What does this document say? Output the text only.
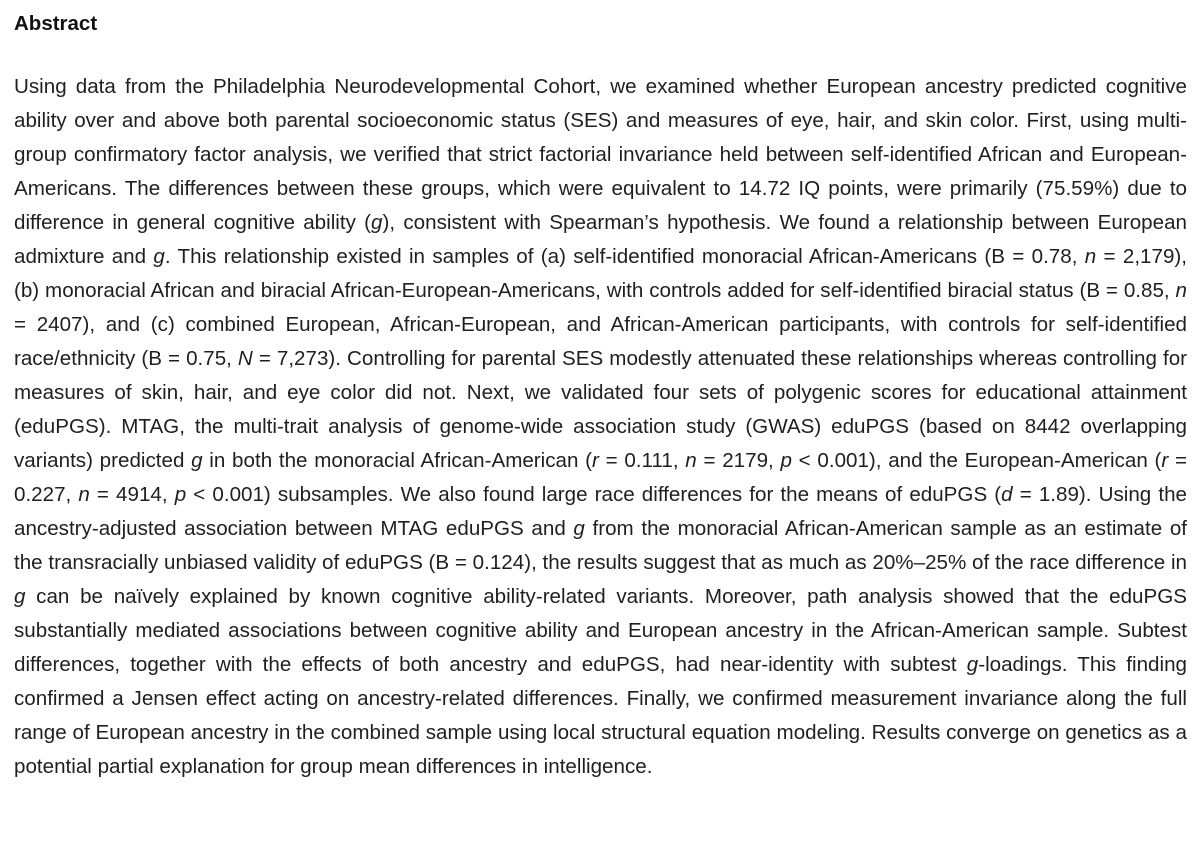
Abstract

Using data from the Philadelphia Neurodevelopmental Cohort, we examined whether European ancestry predicted cognitive ability over and above both parental socioeconomic status (SES) and measures of eye, hair, and skin color. First, using multi-group confirmatory factor analysis, we verified that strict factorial invariance held between self-identified African and European-Americans. The differences between these groups, which were equivalent to 14.72 IQ points, were primarily (75.59%) due to difference in general cognitive ability (g), consistent with Spearman’s hypothesis. We found a relationship between European admixture and g. This relationship existed in samples of (a) self-identified monoracial African-Americans (B = 0.78, n = 2,179), (b) monoracial African and biracial African-European-Americans, with controls added for self-identified biracial status (B = 0.85, n = 2407), and (c) combined European, African-European, and African-American participants, with controls for self-identified race/ethnicity (B = 0.75, N = 7,273). Controlling for parental SES modestly attenuated these relationships whereas controlling for measures of skin, hair, and eye color did not. Next, we validated four sets of polygenic scores for educational attainment (eduPGS). MTAG, the multi-trait analysis of genome-wide association study (GWAS) eduPGS (based on 8442 overlapping variants) predicted g in both the monoracial African-American (r = 0.111, n = 2179, p < 0.001), and the European-American (r = 0.227, n = 4914, p < 0.001) subsamples. We also found large race differences for the means of eduPGS (d = 1.89). Using the ancestry-adjusted association between MTAG eduPGS and g from the monoracial African-American sample as an estimate of the transracially unbiased validity of eduPGS (B = 0.124), the results suggest that as much as 20%–25% of the race difference in g can be naïvely explained by known cognitive ability-related variants. Moreover, path analysis showed that the eduPGS substantially mediated associations between cognitive ability and European ancestry in the African-American sample. Subtest differences, together with the effects of both ancestry and eduPGS, had near-identity with subtest g-loadings. This finding confirmed a Jensen effect acting on ancestry-related differences. Finally, we confirmed measurement invariance along the full range of European ancestry in the combined sample using local structural equation modeling. Results converge on genetics as a potential partial explanation for group mean differences in intelligence.
